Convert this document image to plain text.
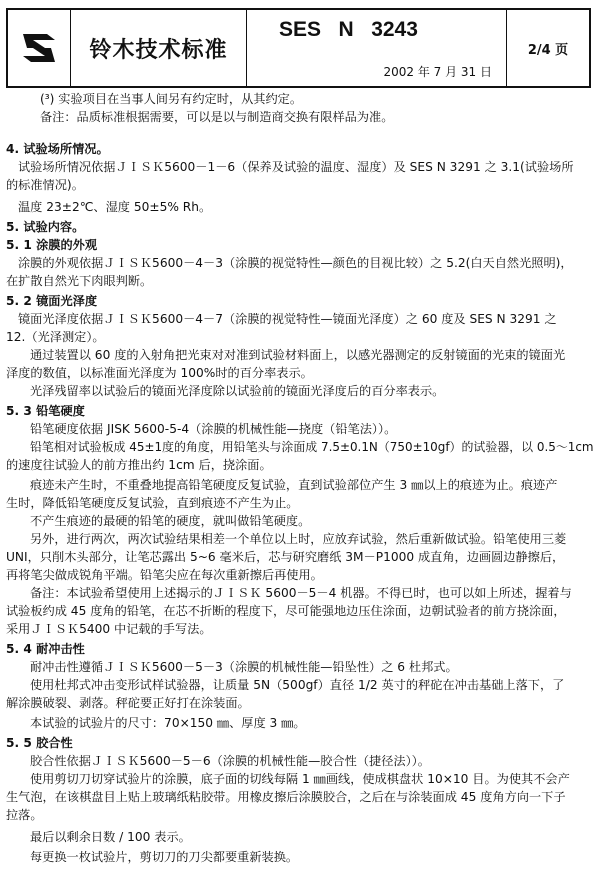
铃木技术标准
SES   N   3243
2002 年 7 月 31 日
2/4 页
(³) 实验项目在当事人间另有约定时，从其约定。
备注：品质标准根据需要，可以是以与制造商交换有限样品为准。
4. 试验场所情况。
试验场所情况依据ＪＩＳＫ5600－1－6（保养及试验的温度、湿度）及 SES N 3291 之 3.1(试验场所
的标准情况)。
温度 23±2℃、湿度 50±5% Rh。
5. 试验内容。
5. 1 涂膜的外观
涂膜的外观依据ＪＩＳＫ5600－4－3（涂膜的视觉特性—颜色的目视比较）之 5.2(白天自然光照明)，
在扩散自然光下肉眼判断。
5. 2 镜面光泽度
镜面光泽度依据ＪＩＳＫ5600－4－7（涂膜的视觉特性—镜面光泽度）之 60 度及 SES N 3291 之
12.（光泽测定）。
通过装置以 60 度的入射角把光束对对准到试验材料面上，以感光器测定的反射镜面的光束的镜面光
泽度的数值，以标准面光泽度为 100%时的百分率表示。
光泽残留率以试验后的镜面光泽度除以试验前的镜面光泽度后的百分率表示。
5. 3 铅笔硬度
铅笔硬度依据 JISK 5600-5-4（涂膜的机械性能—挠度（铅笔法））。
铅笔相对试验板成 45±1度的角度，用铅笔头与涂面成 7.5±0.1N（750±10gf）的试验器，以 0.5～1cm
的速度往试验人的前方推出约 1cm 后，挠涂面。
痕迹未产生时，不重叠地提高铅笔硬度反复试验，直到试验部位产生 3 ㎜以上的痕迹为止。痕迹产
生时，降低铅笔硬度反复试验，直到痕迹不产生为止。
不产生痕迹的最硬的铅笔的硬度，就叫做铅笔硬度。
另外，进行两次，两次试验结果相差一个单位以上时，应放弃试验，然后重新做试验。铅笔使用三菱
UNI，只削木头部分，让笔芯露出 5~6 毫米后，芯与研究磨纸 3M－P1000 成直角，边画圆边静擦后，
再将笔尖做成锐角平端。铅笔尖应在每次重新擦后再使用。
备注：本试验希望使用上述揭示的ＪＩＳＫ 5600－5－4 机器。不得已时，也可以如上所述，握着与
试验板约成 45 度角的铅笔，在芯不折断的程度下，尽可能强地边压住涂面，边朝试验者的前方挠涂面，
采用ＪＩＳＫ5400 中记载的手写法。
5. 4 耐冲击性
耐冲击性遵循ＪＩＳＫ5600－5－3（涂膜的机械性能—铅坠性）之 6 杜邦式。
使用杜邦式冲击变形试样试验器，让质量 5N（500gf）直径 1/2 英寸的秤砣在冲击基础上落下，了
解涂膜破裂、剥落。秤砣要正好打在涂装面。
本试验的试验片的尺寸：70×150 ㎜、厚度 3 ㎜。
5. 5 胶合性
胶合性依据ＪＩＳＫ5600－5－6（涂膜的机械性能—胶合性（捷径法））。
使用剪切刀切穿试验片的涂膜，底子面的切线每隔 1 ㎜画线，使成棋盘状 10×10 目。为使其不会产
生气泡，在该棋盘目上贴上玻璃纸粘胶带。用橡皮擦后涂膜胶合，之后在与涂装面成 45 度角方向一下子
拉落。
最后以剩余日数 / 100 表示。
每更换一枚试验片，剪切刀的刀尖都要重新装换。
